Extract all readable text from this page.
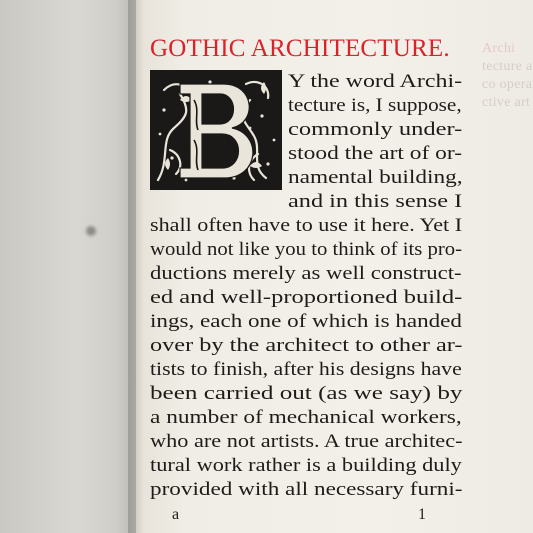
Archi
tecture a
co opera
ctive art
GOTHIC ARCHITECTURE.
Y the word Archi-
tecture is, I suppose,
commonly under-
stood the art of or-
namental building,
and in this sense I
shall often have to use it here. Yet I
would not like you to think of its pro-
ductions merely as well construct-
ed and well-proportioned build-
ings, each one of which is handed
over by the architect to other ar-
tists to finish, after his designs have
been carried out (as we say) by
a number of mechanical workers,
who are not artists. A true architec-
tural work rather is a building duly
provided with all necessary furni-
a	1
